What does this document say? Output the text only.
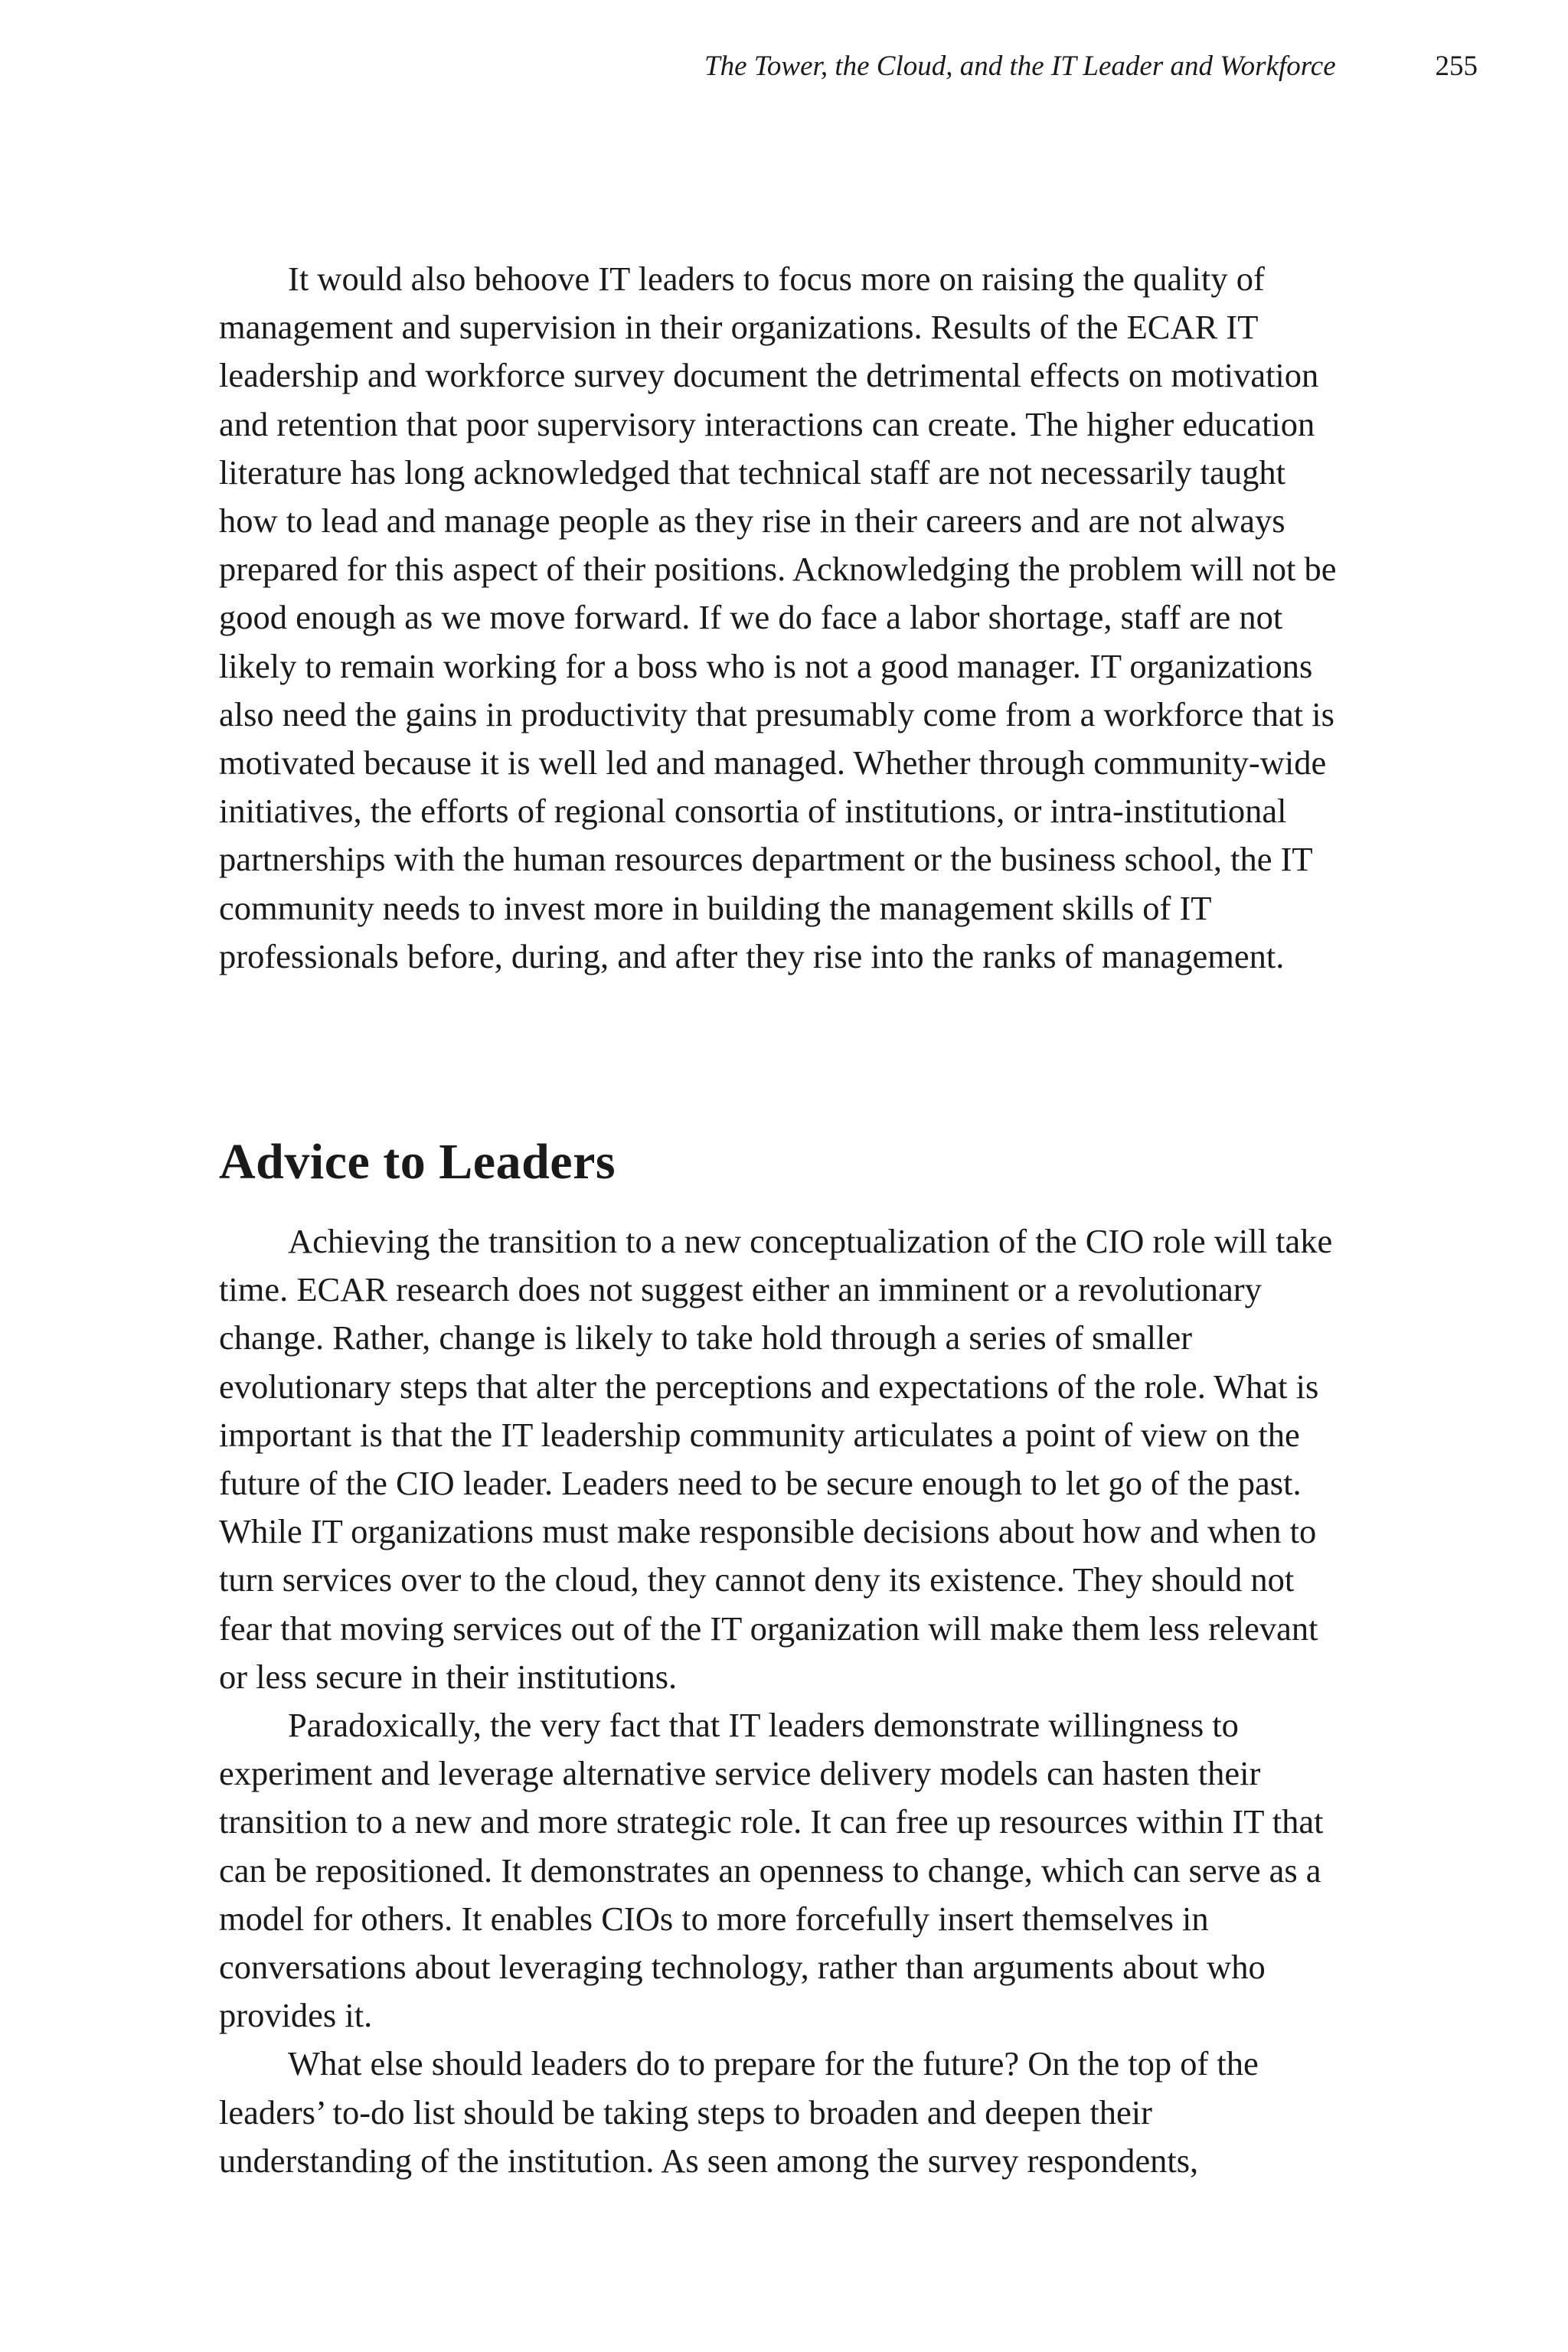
The Tower, the Cloud, and the IT Leader and Workforce	255

It would also behoove IT leaders to focus more on raising the quality of management and supervision in their organizations. Results of the ECAR IT leadership and workforce survey document the detrimental effects on motivation and retention that poor supervisory interactions can create. The higher education literature has long acknowledged that technical staff are not necessarily taught how to lead and manage people as they rise in their careers and are not always prepared for this aspect of their positions. Acknowledging the problem will not be good enough as we move forward. If we do face a labor shortage, staff are not likely to remain working for a boss who is not a good manager. IT organizations also need the gains in productivity that presumably come from a workforce that is motivated because it is well led and managed. Whether through community-wide initiatives, the efforts of regional consortia of institutions, or intra-institutional partnerships with the human resources department or the business school, the IT community needs to invest more in building the management skills of IT professionals before, during, and after they rise into the ranks of management.

Advice to Leaders

Achieving the transition to a new conceptualization of the CIO role will take time. ECAR research does not suggest either an imminent or a revolutionary change. Rather, change is likely to take hold through a series of smaller evolutionary steps that alter the perceptions and expectations of the role. What is important is that the IT leadership community articulates a point of view on the future of the CIO leader. Leaders need to be secure enough to let go of the past. While IT organizations must make responsible decisions about how and when to turn services over to the cloud, they cannot deny its existence. They should not fear that moving services out of the IT organization will make them less relevant or less secure in their institutions.

Paradoxically, the very fact that IT leaders demonstrate willingness to experiment and leverage alternative service delivery models can hasten their transition to a new and more strategic role. It can free up resources within IT that can be repositioned. It demonstrates an openness to change, which can serve as a model for others. It enables CIOs to more forcefully insert themselves in conversations about leveraging technology, rather than arguments about who provides it.

What else should leaders do to prepare for the future? On the top of the leaders’ to-do list should be taking steps to broaden and deepen their understanding of the institution. As seen among the survey respondents,
